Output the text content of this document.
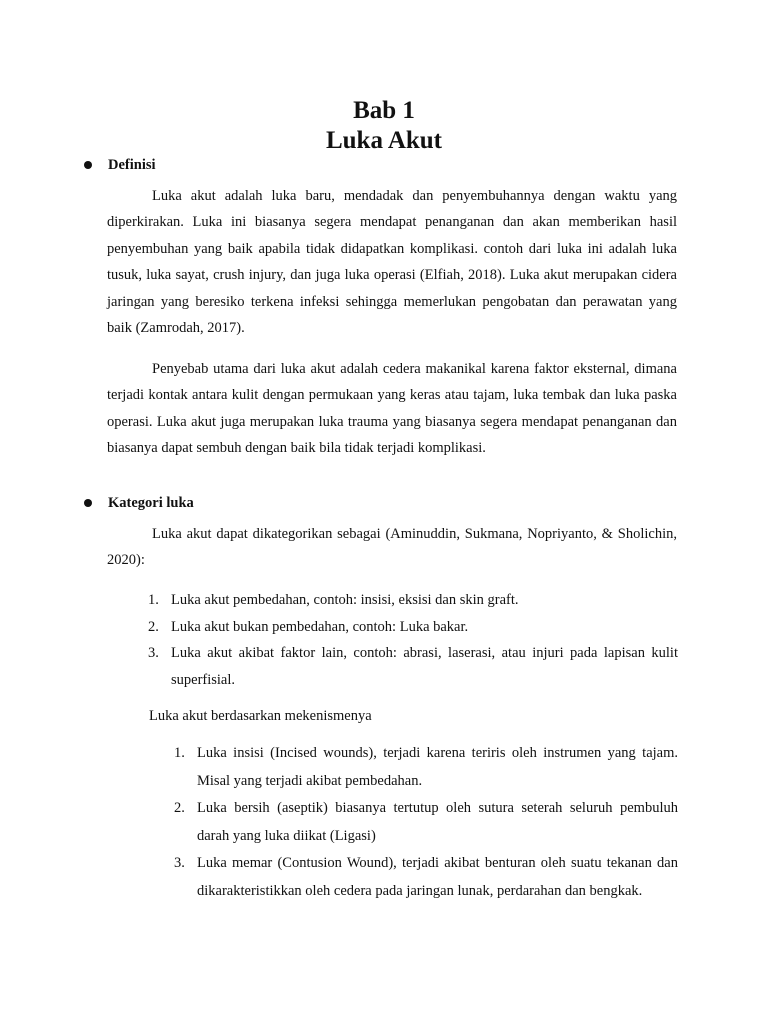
Bab 1
Luka Akut
Definisi

Luka akut adalah luka baru, mendadak dan penyembuhannya dengan waktu yang diperkirakan. Luka ini biasanya segera mendapat penanganan dan akan memberikan hasil penyembuhan yang baik apabila tidak didapatkan komplikasi. contoh dari luka ini adalah luka tusuk, luka sayat, crush injury, dan juga luka operasi (Elfiah, 2018). Luka akut merupakan cidera jaringan yang beresiko terkena infeksi sehingga memerlukan pengobatan dan perawatan yang baik (Zamrodah, 2017).

Penyebab utama dari luka akut adalah cedera makanikal karena faktor eksternal, dimana terjadi kontak antara kulit dengan permukaan yang keras atau tajam, luka tembak dan luka paska operasi. Luka akut juga merupakan luka trauma yang biasanya segera mendapat penanganan dan biasanya dapat sembuh dengan baik bila tidak terjadi komplikasi.

Kategori luka

Luka akut dapat dikategorikan sebagai (Aminuddin, Sukmana, Nopriyanto, & Sholichin, 2020):

1. Luka akut pembedahan, contoh: insisi, eksisi dan skin graft.
2. Luka akut bukan pembedahan, contoh: Luka bakar.
3. Luka akut akibat faktor lain, contoh: abrasi, laserasi, atau injuri pada lapisan kulit superfisial.
Luka akut berdasarkan mekenismenya
1. Luka insisi (Incised wounds), terjadi karena teriris oleh instrumen yang tajam. Misal yang terjadi akibat pembedahan.
2. Luka bersih (aseptik) biasanya tertutup oleh sutura seterah seluruh pembuluh darah yang luka diikat (Ligasi)
3. Luka memar (Contusion Wound), terjadi akibat benturan oleh suatu tekanan dan dikarakteristikkan oleh cedera pada jaringan lunak, perdarahan dan bengkak.
